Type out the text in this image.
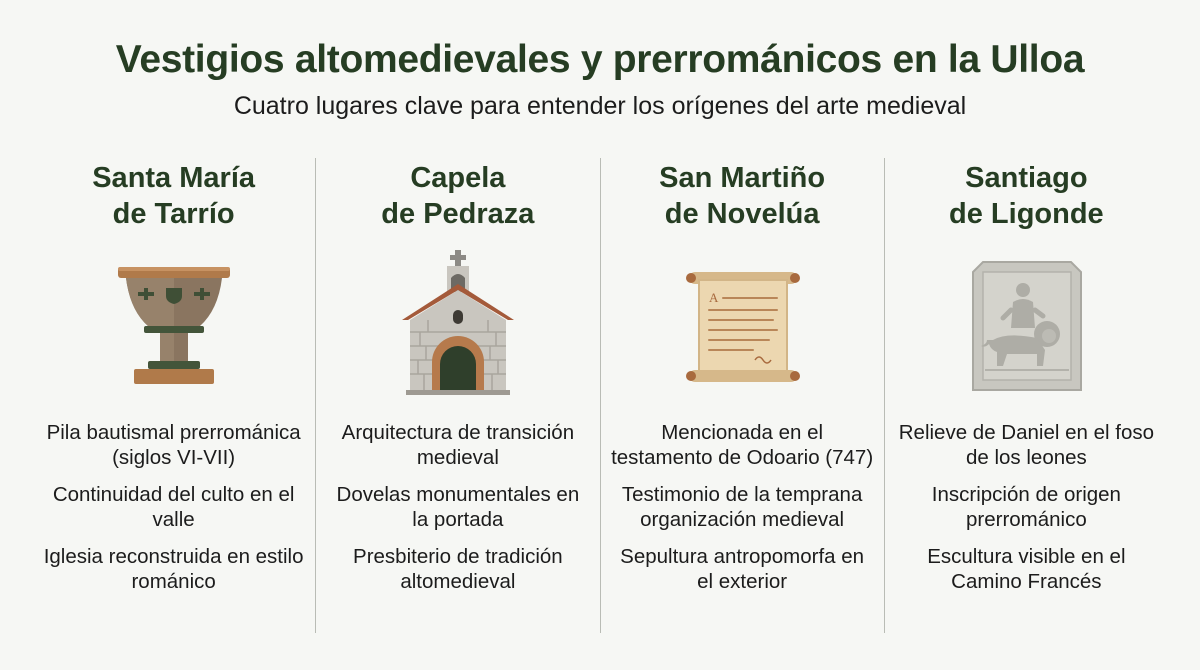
Vestigios altomedievales y prerrománicos en la Ulloa
Cuatro lugares clave para entender los orígenes del arte medieval
Santa María
de Tarrío
Pila bautismal prerrománica (siglos VI-VII)
Continuidad del culto en el valle
Iglesia reconstruida en estilo románico
Capela
de Pedraza
Arquitectura de transición medieval
Dovelas monumentales en la portada
Presbiterio de tradición altomedieval
San Martiño
de Novelúa
A
Mencionada en el testamento de Odoario (747)
Testimonio de la temprana organización medieval
Sepultura antropomorfa en el exterior
Santiago
de Ligonde
Relieve de Daniel en el foso de los leones
Inscripción de origen prerrománico
Escultura visible en el Camino Francés
